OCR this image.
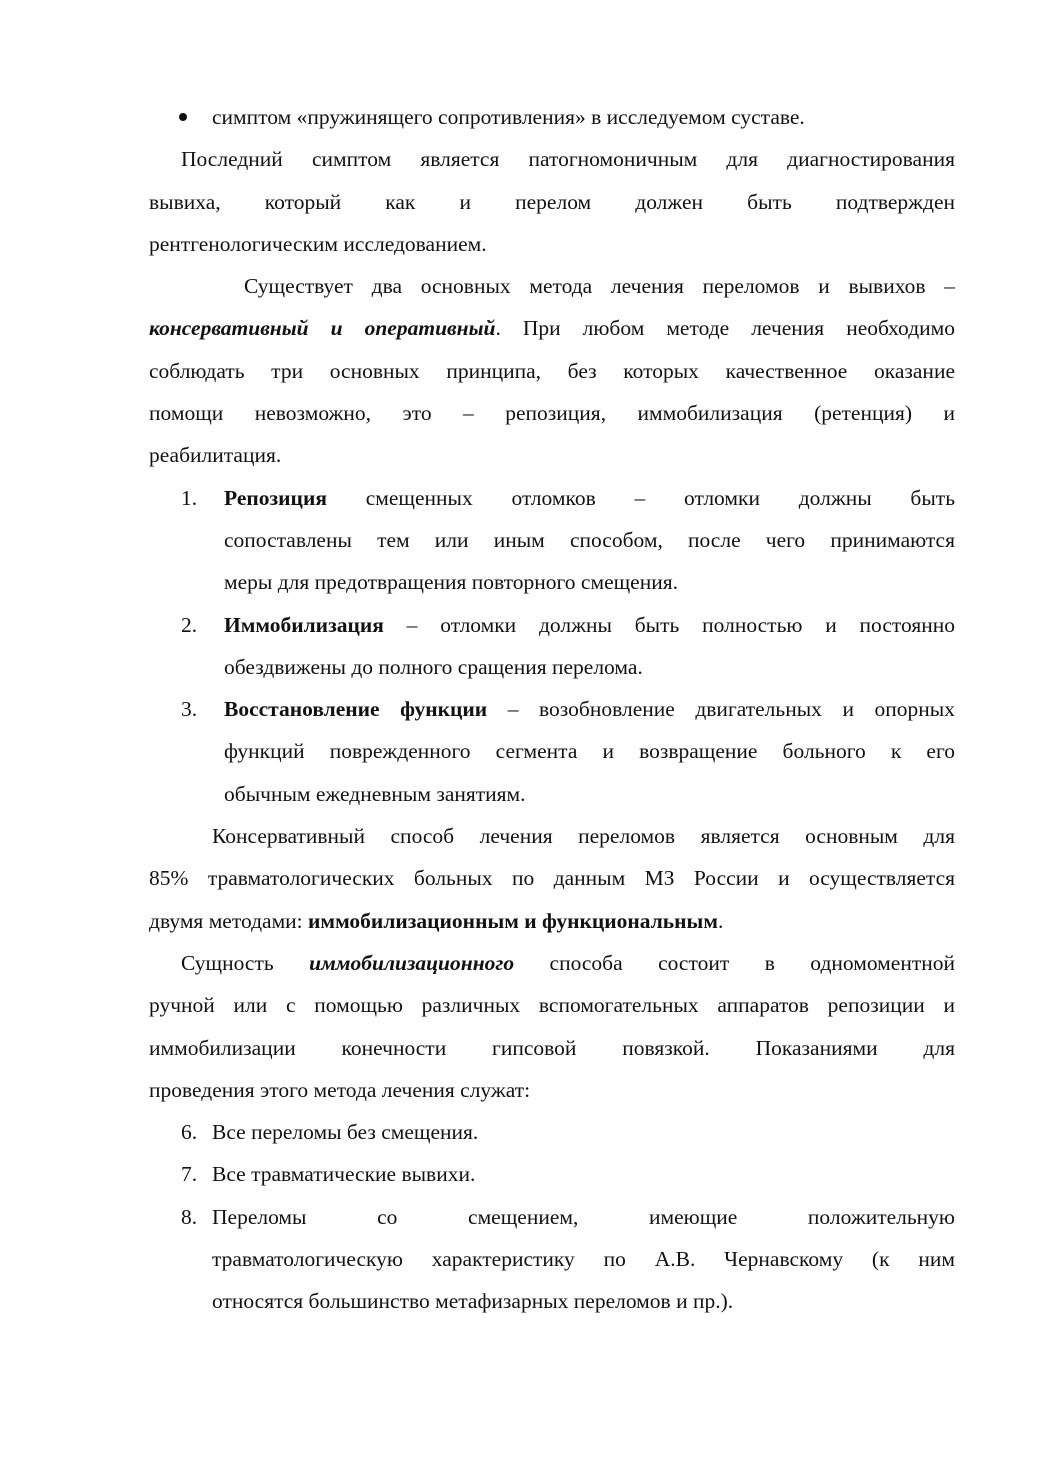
симптом «пружинящего сопротивления» в исследуемом суставе.
Последний симптом является патогномоничным для диагностирования
вывиха, который как и перелом должен быть подтвержден
рентгенологическим исследованием.
Существует два основных метода лечения переломов и вывихов –
консервативный и оперативный. При любом методе лечения необходимо
соблюдать три основных принципа, без которых качественное оказание
помощи невозможно, это – репозиция, иммобилизация (ретенция) и
реабилитация.
1. Репозиция смещенных отломков – отломки должны быть
сопоставлены тем или иным способом, после чего принимаются
меры для предотвращения повторного смещения.
2. Иммобилизация – отломки должны быть полностью и постоянно
обездвижены до полного сращения перелома.
3. Восстановление функции – возобновление двигательных и опорных
функций поврежденного сегмента и возвращение больного к его
обычным ежедневным занятиям.
Консервативный способ лечения переломов является основным для
85% травматологических больных по данным МЗ России и осуществляется
двумя методами: иммобилизационным и функциональным.
Сущность иммобилизационного способа состоит в одномоментной
ручной или с помощью различных вспомогательных аппаратов репозиции и
иммобилизации конечности гипсовой повязкой. Показаниями для
проведения этого метода лечения служат:
6. Все переломы без смещения.
7. Все травматические вывихи.
8. Переломы со смещением, имеющие положительную
травматологическую характеристику по А.В. Чернавскому (к ним
относятся большинство метафизарных переломов и пр.).
